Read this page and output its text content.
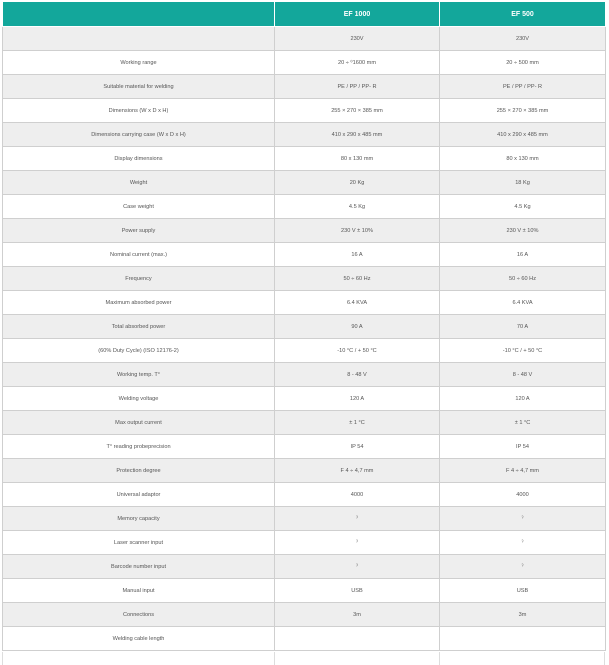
	EF 1000	EF 500
	230V	230V
Working range	20 ÷ ⁰1600 mm	20 ÷ 500 mm
Suitable material for welding	PE / PP / PP- R	PE / PP / PP- R
Dimensions (W x D x H)	255 × 270 × 385 mm	255 × 270 × 385 mm
Dimensions carrying case (W x D x H)	410 x 290 x 485 mm	410 x 290 x 485 mm
Display dimensions	80 x 130 mm	80 x 130 mm
Weight	20 Kg	18 Kg
Case weight	4.5 Kg	4.5 Kg
Power supply	230 V ± 10%	230 V ± 10%
Nominal current (max.)	16 A	16 A
Frequency	50 ÷ 60 Hz	50 ÷ 60 Hz
Maximum absorbed power	6.4 KVA	6.4 KVA
Total absorbed power	90 A	70 A
(60% Duty Cycle) (ISO 12176-2)	-10 °C / + 50 °C	-10 °C / + 50 °C
Working temp. T°	8 - 48 V	8 - 48 V
Welding voltage	120 A	120 A
Max output current	± 1 °C	± 1 °C
T° reading probeprecision	IP 54	IP 54
Protection degree	F 4 ÷ 4,7 mm	F 4 ÷ 4,7 mm
Universal adaptor	4000	4000
Memory capacity	ˀ	ˀ
Laser scanner input	ˀ	ˀ
Barcode number input	ˀ	ˀ
Manual input	USB	USB
Connections	3m	3m
Welding cable length		
